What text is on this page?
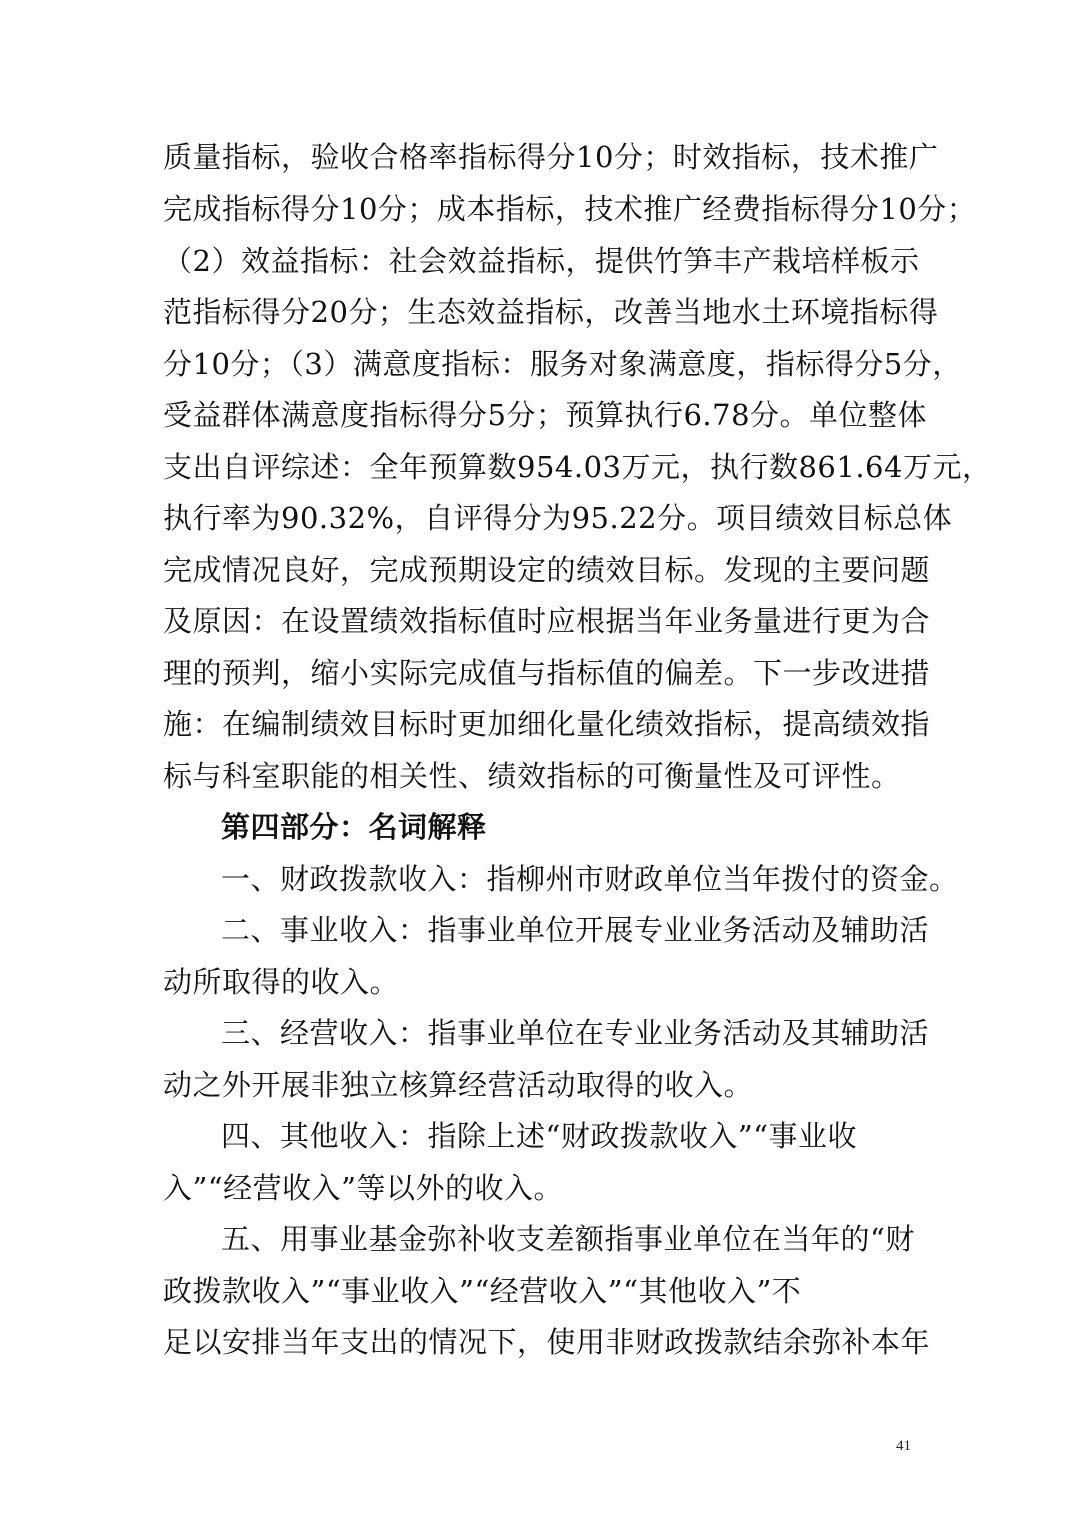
质量指标，验收合格率指标得分10分；时效指标，技术推广
完成指标得分10分；成本指标，技术推广经费指标得分10分；
（2）效益指标：社会效益指标，提供竹笋丰产栽培样板示
范指标得分20分；生态效益指标，改善当地水土环境指标得
分10分；（3）满意度指标：服务对象满意度，指标得分5分，
受益群体满意度指标得分5分；预算执行6.78分。单位整体
支出自评综述：全年预算数954.03万元，执行数861.64万元，
执行率为90.32%，自评得分为95.22分。项目绩效目标总体
完成情况良好，完成预期设定的绩效目标。发现的主要问题
及原因：在设置绩效指标值时应根据当年业务量进行更为合
理的预判，缩小实际完成值与指标值的偏差。下一步改进措
施：在编制绩效目标时更加细化量化绩效指标，提高绩效指
标与科室职能的相关性、绩效指标的可衡量性及可评性。
第四部分：名词解释
一、财政拨款收入：指柳州市财政单位当年拨付的资金。
二、事业收入：指事业单位开展专业业务活动及辅助活
动所取得的收入。
三、经营收入：指事业单位在专业业务活动及其辅助活
动之外开展非独立核算经营活动取得的收入。
四、其他收入：指除上述“财政拨款收入”“事业收
入”“经营收入”等以外的收入。
五、用事业基金弥补收支差额指事业单位在当年的“财
政拨款收入”“事业收入”“经营收入”“其他收入”不
足以安排当年支出的情况下，使用非财政拨款结余弥补本年
41
